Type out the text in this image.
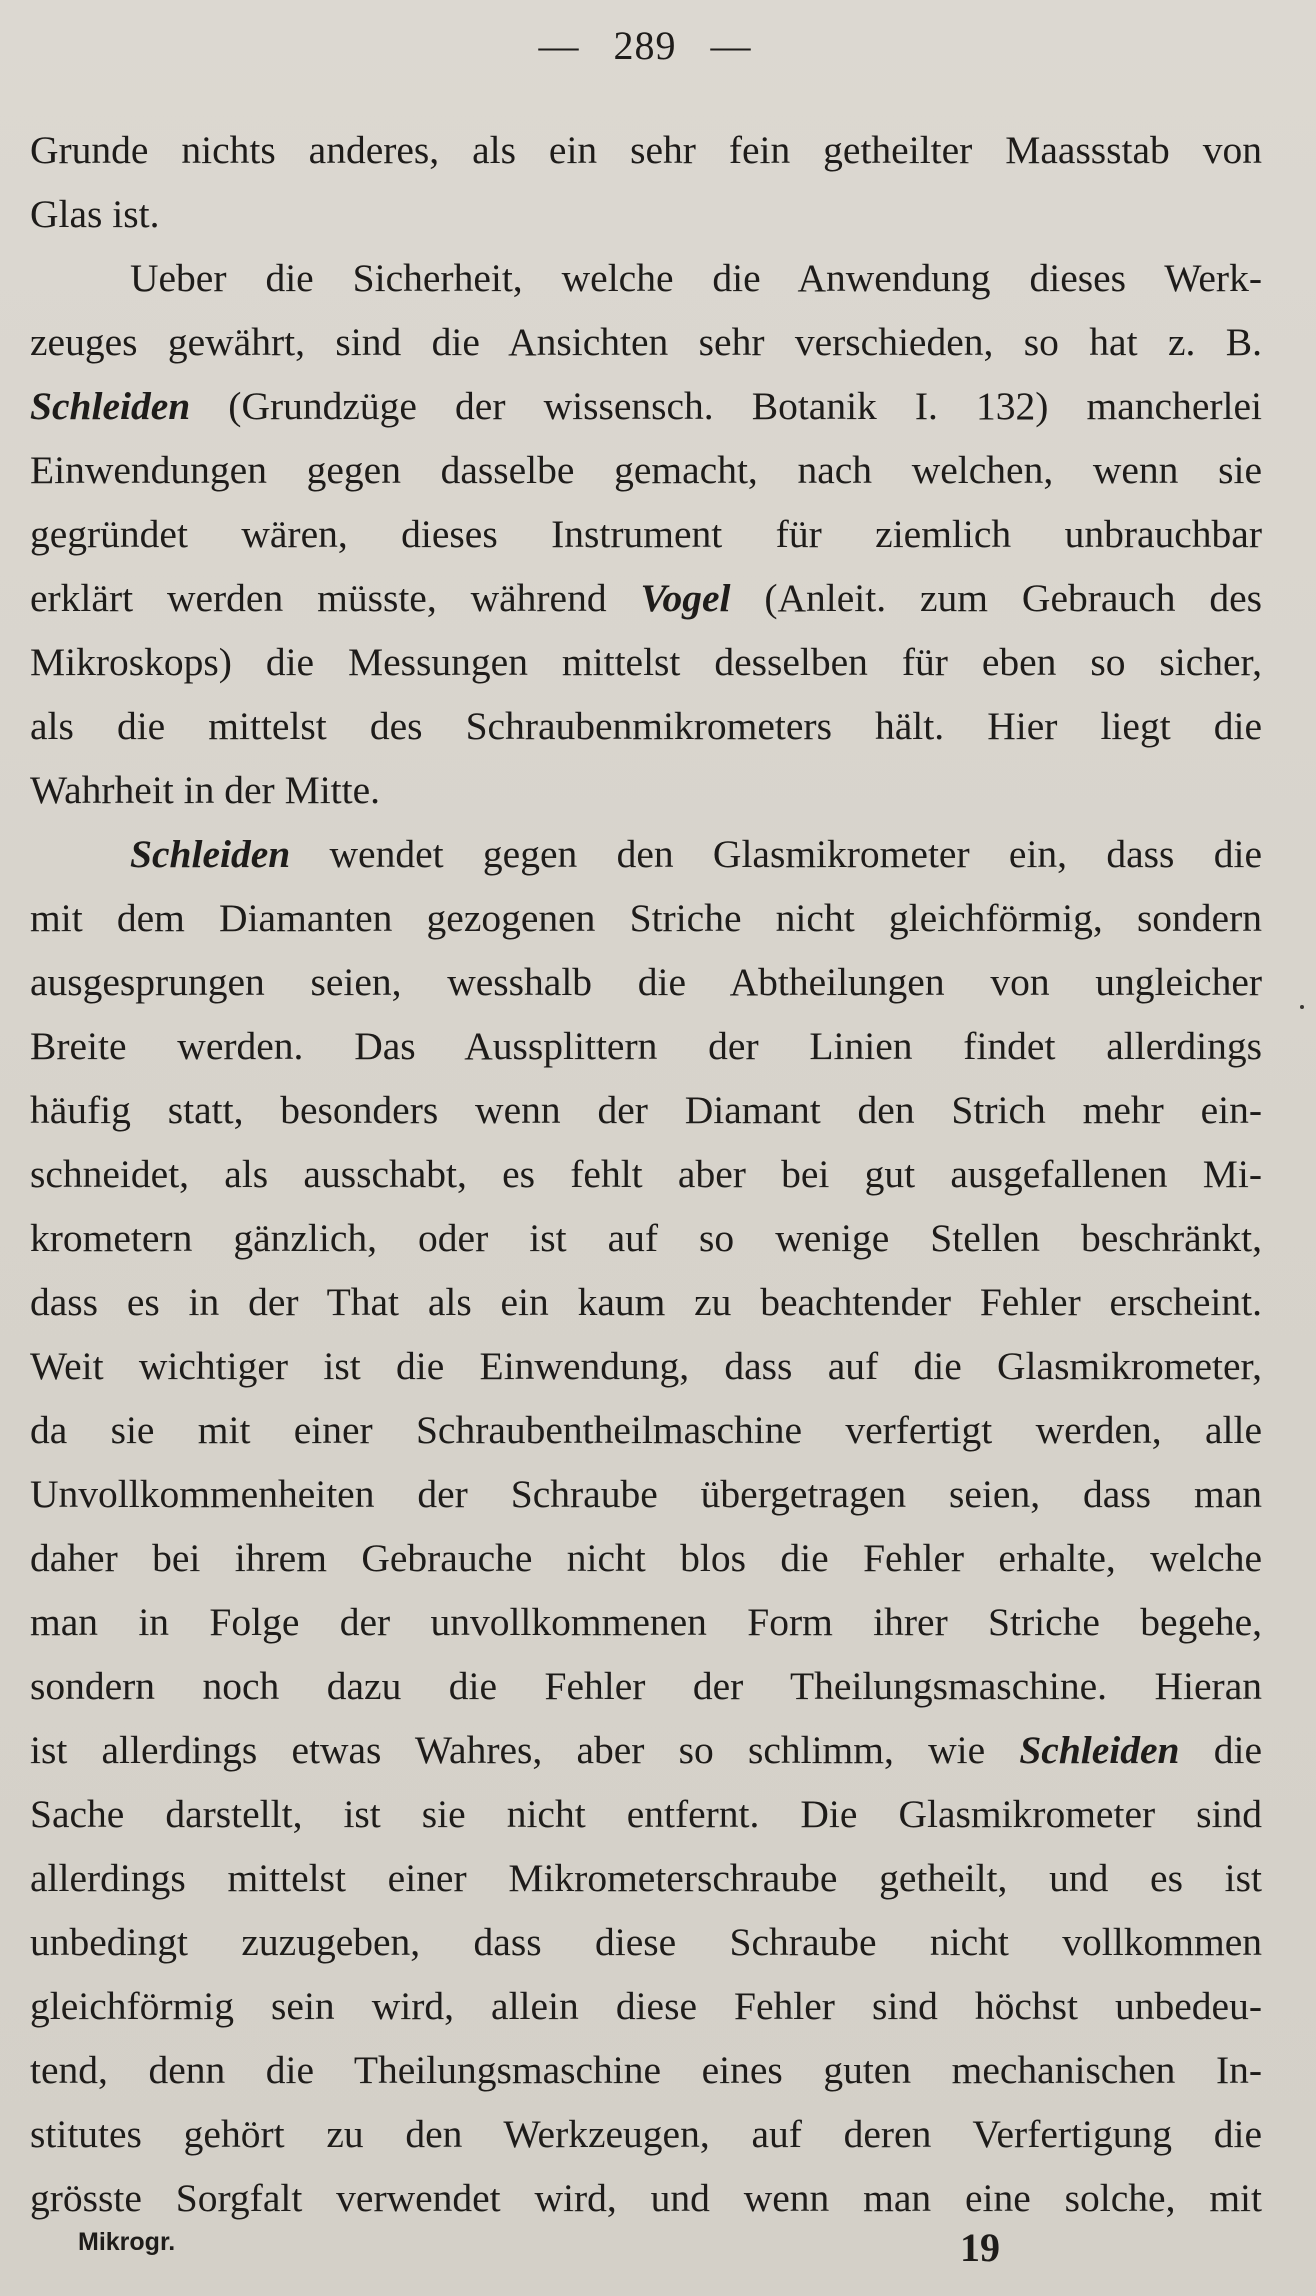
— 289 —
Grunde nichts anderes, als ein sehr fein getheilter Maassstab von
Glas ist.
Ueber die Sicherheit, welche die Anwendung dieses Werk-
zeuges gewährt, sind die Ansichten sehr verschieden, so hat z. B.
Schleiden (Grundzüge der wissensch. Botanik I. 132) mancherlei
Einwendungen gegen dasselbe gemacht, nach welchen, wenn sie
gegründet wären, dieses Instrument für ziemlich unbrauchbar
erklärt werden müsste, während Vogel (Anleit. zum Gebrauch des
Mikroskops) die Messungen mittelst desselben für eben so sicher,
als die mittelst des Schraubenmikrometers hält. Hier liegt die
Wahrheit in der Mitte.
Schleiden wendet gegen den Glasmikrometer ein, dass die
mit dem Diamanten gezogenen Striche nicht gleichförmig, sondern
ausgesprungen seien, wesshalb die Abtheilungen von ungleicher
Breite werden. Das Aussplittern der Linien findet allerdings
häufig statt, besonders wenn der Diamant den Strich mehr ein-
schneidet, als ausschabt, es fehlt aber bei gut ausgefallenen Mi-
krometern gänzlich, oder ist auf so wenige Stellen beschränkt,
dass es in der That als ein kaum zu beachtender Fehler erscheint.
Weit wichtiger ist die Einwendung, dass auf die Glasmikrometer,
da sie mit einer Schraubentheilmaschine verfertigt werden, alle
Unvollkommenheiten der Schraube übergetragen seien, dass man
daher bei ihrem Gebrauche nicht blos die Fehler erhalte, welche
man in Folge der unvollkommenen Form ihrer Striche begehe,
sondern noch dazu die Fehler der Theilungsmaschine. Hieran
ist allerdings etwas Wahres, aber so schlimm, wie Schleiden die
Sache darstellt, ist sie nicht entfernt. Die Glasmikrometer sind
allerdings mittelst einer Mikrometerschraube getheilt, und es ist
unbedingt zuzugeben, dass diese Schraube nicht vollkommen
gleichförmig sein wird, allein diese Fehler sind höchst unbedeu-
tend, denn die Theilungsmaschine eines guten mechanischen In-
stitutes gehört zu den Werkzeugen, auf deren Verfertigung die
grösste Sorgfalt verwendet wird, und wenn man eine solche, mit
Mikrogr.	19
